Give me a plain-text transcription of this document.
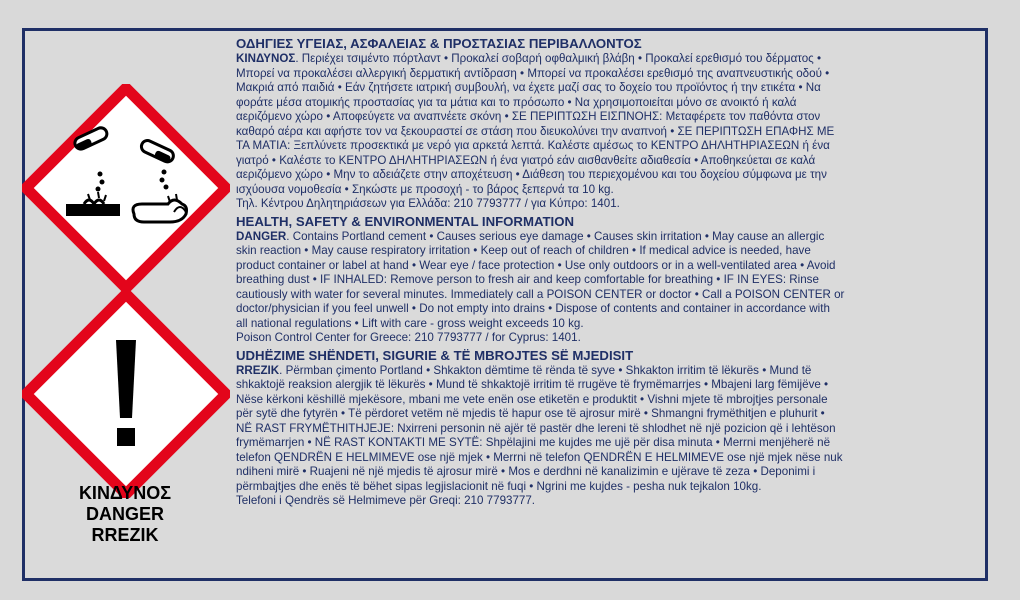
ΚΙΝΔΥΝΟΣ
DANGER
RREZIK
ΟΔΗΓΙΕΣ ΥΓΕΙΑΣ, ΑΣΦΑΛΕΙΑΣ & ΠΡΟΣΤΑΣΙΑΣ ΠΕΡΙΒΑΛΛΟΝΤΟΣ
ΚΙΝΔΥΝΟΣ. Περιέχει τσιμέντο πόρτλαντ • Προκαλεί σοβαρή οφθαλμική βλάβη • Προκαλεί ερεθισμό του δέρματος •
Μπορεί να προκαλέσει αλλεργική δερματική αντίδραση • Μπορεί να προκαλέσει ερεθισμό της αναπνευστικής οδού •
Μακριά από παιδιά • Εάν ζητήσετε ιατρική συμβουλή, να έχετε μαζί σας το δοχείο του προϊόντος ή την ετικέτα • Να
φοράτε μέσα ατομικής προστασίας για τα μάτια και το πρόσωπο • Να χρησιμοποιείται μόνο σε ανοικτό ή καλά
αεριζόμενο χώρο • Αποφεύγετε να αναπνέετε σκόνη • ΣΕ ΠΕΡΙΠΤΩΣΗ ΕΙΣΠΝΟΗΣ: Μεταφέρετε τον παθόντα στον
καθαρό αέρα και αφήστε τον να ξεκουραστεί σε στάση που διευκολύνει την αναπνοή • ΣΕ ΠΕΡΙΠΤΩΣΗ ΕΠΑΦΗΣ ΜΕ
ΤΑ ΜΑΤΙΑ: Ξεπλύνετε προσεκτικά με νερό για αρκετά λεπτά. Καλέστε αμέσως το ΚΕΝΤΡΟ ΔΗΛΗΤΗΡΙΑΣΕΩΝ ή ένα
γιατρό • Καλέστε το ΚΕΝΤΡΟ ΔΗΛΗΤΗΡΙΑΣΕΩΝ ή ένα γιατρό εάν αισθανθείτε αδιαθεσία • Αποθηκεύεται σε καλά
αεριζόμενο χώρο • Μην το αδειάζετε στην αποχέτευση • Διάθεση του περιεχομένου και του δοχείου σύμφωνα με την
ισχύουσα νομοθεσία • Σηκώστε με προσοχή - το βάρος ξεπερνά τα 10 kg.
Τηλ. Κέντρου Δηλητηριάσεων για Ελλάδα: 210 7793777 / για Κύπρο: 1401.
HEALTH, SAFETY & ENVIRONMENTAL INFORMATION
DANGER. Contains Portland cement • Causes serious eye damage • Causes skin irritation • May cause an allergic
skin reaction • May cause respiratory irritation • Keep out of reach of children • If medical advice is needed, have
product container or label at hand • Wear eye / face protection • Use only outdoors or in a well-ventilated area • Avoid
breathing dust • IF INHALED: Remove person to fresh air and keep comfortable for breathing • IF IN EYES: Rinse
cautiously with water for several minutes. Immediately call a POISON CENTER or doctor • Call a POISON CENTER or
doctor/physician if you feel unwell • Do not empty into drains • Dispose of contents and container in accordance with
all national regulations • Lift with care - gross weight exceeds 10 kg.
Poison Control Center for Greece: 210 7793777 / for Cyprus: 1401.
UDHËZIME SHËNDETI, SIGURIE & TË MBROJTES SË MJEDISIT
RREZIK. Përmban çimento Portland • Shkakton dëmtime të rënda të syve • Shkakton irritim të lëkurës • Mund të
shkaktojë reaksion alergjik të lëkurës • Mund të shkaktojë irritim të rrugëve të frymëmarrjes • Mbajeni larg fëmijëve •
Nëse kërkoni këshillë mjekësore, mbani me vete enën ose etiketën e produktit • Vishni mjete të mbrojtjes personale
për sytë dhe fytyrën • Të përdoret vetëm në mjedis të hapur ose të ajrosur mirë • Shmangni frymëthitjen e pluhurit •
NË RAST FRYMËTHITHJEJE: Nxirreni personin në ajër të pastër dhe lereni të shlodhet në një pozicion që i lehtëson
frymëmarrjen • NË RAST KONTAKTI ME SYTË: Shpëlajini me kujdes me ujë për disa minuta • Merrni menjëherë në
telefon QENDRËN E HELMIMEVE ose një mjek • Merrni në telefon QENDRËN E HELMIMEVE ose një mjek nëse nuk
ndiheni mirë • Ruajeni në një mjedis të ajrosur mirë • Mos e derdhni në kanalizimin e ujërave të zeza • Deponimi i
përmbajtjes dhe enës të bëhet sipas legjislacionit në fuqi • Ngrini me kujdes - pesha nuk tejkalon 10kg.
Telefoni i Qendrës së Helmimeve për Greqi: 210 7793777.
